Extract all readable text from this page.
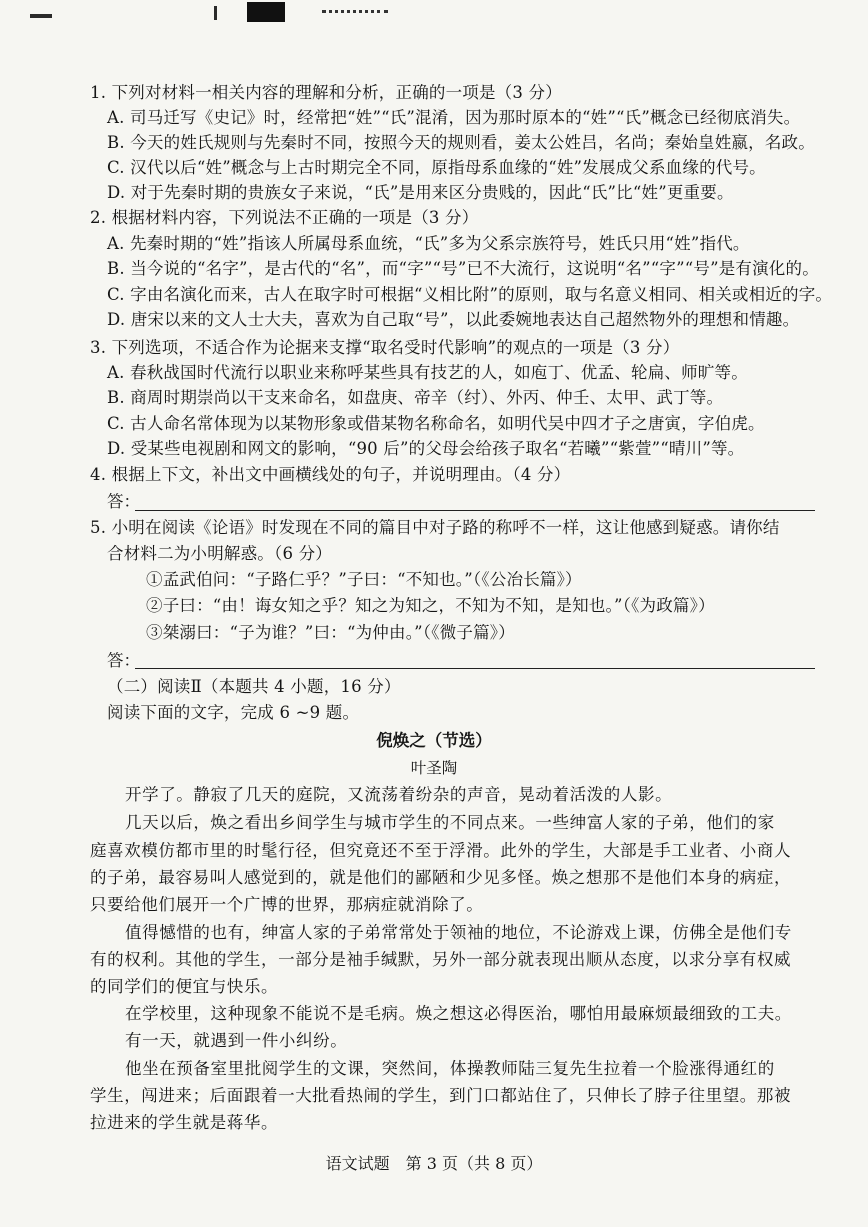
1. 下列对材料一相关内容的理解和分析，正确的一项是（3 分）
A. 司马迁写《史记》时，经常把“姓”“氏”混淆，因为那时原本的“姓”“氏”概念已经彻底消失。
B. 今天的姓氏规则与先秦时不同，按照今天的规则看，姜太公姓吕，名尚；秦始皇姓嬴，名政。
C. 汉代以后“姓”概念与上古时期完全不同，原指母系血缘的“姓”发展成父系血缘的代号。
D. 对于先秦时期的贵族女子来说，“氏”是用来区分贵贱的，因此“氏”比“姓”更重要。
2. 根据材料内容，下列说法不正确的一项是（3 分）
A. 先秦时期的“姓”指该人所属母系血统，“氏”多为父系宗族符号，姓氏只用“姓”指代。
B. 当今说的“名字”，是古代的“名”，而“字”“号”已不大流行，这说明“名”“字”“号”是有演化的。
C. 字由名演化而来，古人在取字时可根据“义相比附”的原则，取与名意义相同、相关或相近的字。
D. 唐宋以来的文人士大夫，喜欢为自己取“号”，以此委婉地表达自己超然物外的理想和情趣。
3. 下列选项，不适合作为论据来支撑“取名受时代影响”的观点的一项是（3 分）
A. 春秋战国时代流行以职业来称呼某些具有技艺的人，如庖丁、优孟、轮扁、师旷等。
B. 商周时期崇尚以干支来命名，如盘庚、帝辛（纣）、外丙、仲壬、太甲、武丁等。
C. 古人命名常体现为以某物形象或借某物名称命名，如明代吴中四才子之唐寅，字伯虎。
D. 受某些电视剧和网文的影响，“90 后”的父母会给孩子取名“若曦”“紫萱”“晴川”等。
4. 根据上下文，补出文中画横线处的句子，并说明理由。（4 分）
答：
5. 小明在阅读《论语》时发现在不同的篇目中对子路的称呼不一样，这让他感到疑惑。请你结
合材料二为小明解惑。（6 分）
①孟武伯问：“子路仁乎？”子曰：“不知也。”（《公冶长篇》）
②子曰：“由！诲女知之乎？知之为知之，不知为不知，是知也。”（《为政篇》）
③桀溺曰：“子为谁？”曰：“为仲由。”（《微子篇》）
答：
（二）阅读Ⅱ（本题共 4 小题，16 分）
阅读下面的文字，完成 6 ~9 题。
倪焕之（节选）
叶圣陶
开学了。静寂了几天的庭院，又流荡着纷杂的声音，晃动着活泼的人影。
几天以后，焕之看出乡间学生与城市学生的不同点来。一些绅富人家的子弟，他们的家
庭喜欢模仿都市里的时髦行径，但究竟还不至于浮滑。此外的学生，大部是手工业者、小商人
的子弟，最容易叫人感觉到的，就是他们的鄙陋和少见多怪。焕之想那不是他们本身的病症，
只要给他们展开一个广博的世界，那病症就消除了。
值得憾惜的也有，绅富人家的子弟常常处于领袖的地位，不论游戏上课，仿佛全是他们专
有的权利。其他的学生，一部分是袖手缄默，另外一部分就表现出顺从态度，以求分享有权威
的同学们的便宜与快乐。
在学校里，这种现象不能说不是毛病。焕之想这必得医治，哪怕用最麻烦最细致的工夫。
有一天，就遇到一件小纠纷。
他坐在预备室里批阅学生的文课，突然间，体操教师陆三复先生拉着一个脸涨得通红的
学生，闯进来；后面跟着一大批看热闹的学生，到门口都站住了，只伸长了脖子往里望。那被
拉进来的学生就是蒋华。
语文试题　第 3 页（共 8 页）
